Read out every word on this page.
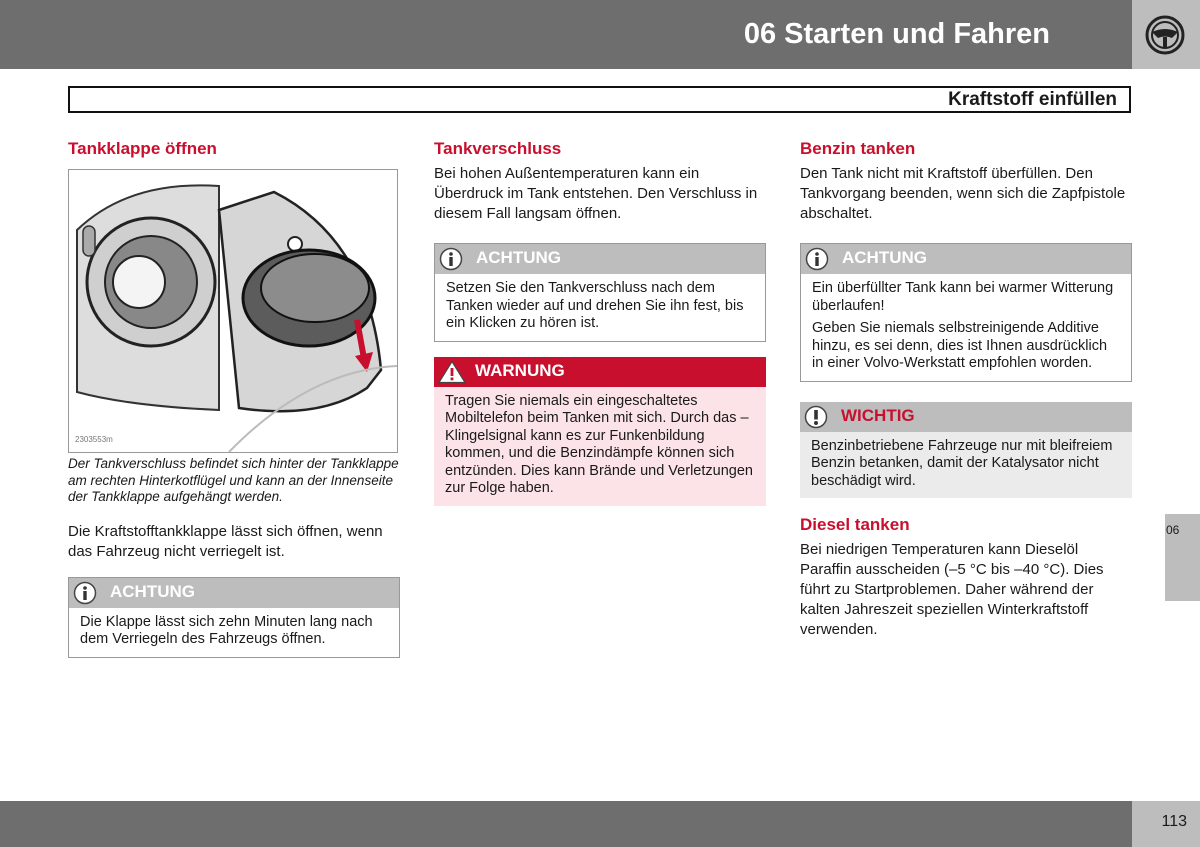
06 Starten und Fahren
Kraftstoff einfüllen
Tankklappe öffnen
2303553m

Der Tankverschluss befindet sich hinter der Tankklappe am rechten Hinterkotflügel und kann an der Innenseite der Tankklappe aufgehängt werden.

Die Kraftstofftankklappe lässt sich öffnen, wenn das Fahrzeug nicht verriegelt ist.

ACHTUNG

Die Klappe lässt sich zehn Minuten lang nach dem Verriegeln des Fahrzeugs öffnen.

Tankverschluss

Bei hohen Außentemperaturen kann ein Überdruck im Tank entstehen. Den Verschluss in diesem Fall langsam öffnen.

ACHTUNG

Setzen Sie den Tankverschluss nach dem Tanken wieder auf und drehen Sie ihn fest, bis ein Klicken zu hören ist.

WARNUNG

Tragen Sie niemals ein eingeschaltetes Mobiltelefon beim Tanken mit sich. Durch das – Klingelsignal kann es zur Funkenbildung kommen, und die Benzindämpfe können sich entzünden. Dies kann Brände und Verletzungen zur Folge haben.

Benzin tanken

Den Tank nicht mit Kraftstoff überfüllen. Den Tankvorgang beenden, wenn sich die Zapfpistole abschaltet.

ACHTUNG

Ein überfüllter Tank kann bei warmer Witterung überlaufen!

Geben Sie niemals selbstreinigende Additive hinzu, es sei denn, dies ist Ihnen ausdrücklich in einer Volvo-Werkstatt empfohlen worden.

WICHTIG

Benzinbetriebene Fahrzeuge nur mit bleifreiem Benzin betanken, damit der Katalysator nicht beschädigt wird.

Diesel tanken

Bei niedrigen Temperaturen kann Dieselöl Paraffin ausscheiden (–5 °C bis –40 °C). Dies führt zu Startproblemen. Daher während der kalten Jahreszeit speziellen Winterkraftstoff verwenden.

06
113
